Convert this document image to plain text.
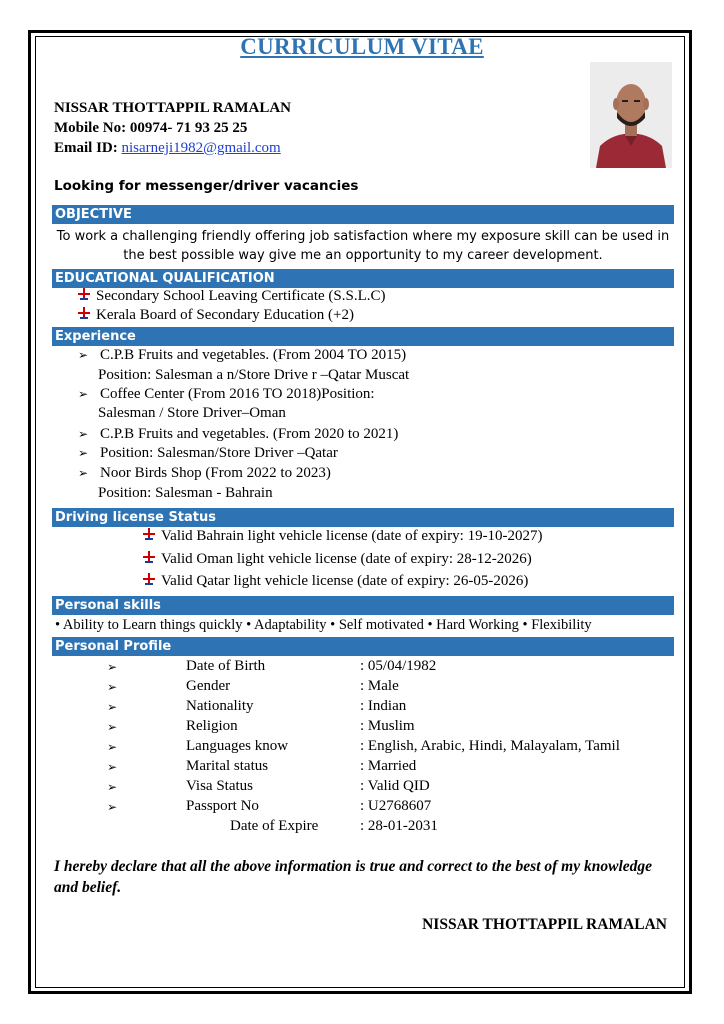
CURRICULUM VITAE
NISSAR THOTTAPPIL RAMALAN
Mobile No: 00974- 71 93 25 25
Email ID: nisarneji1982@gmail.com
Looking for messenger/driver vacancies
OBJECTIVE
To work a challenging friendly offering job satisfaction where my exposure skill can be used in the best possible way give me an opportunity to my career development.
EDUCATIONAL QUALIFICATION
Secondary School Leaving Certificate (S.S.L.C)
Kerala Board of Secondary Education (+2)
Experience
➢ C.P.B Fruits and vegetables. (From 2004 TO 2015)
Position: Salesman a n/Store Drive r –Qatar Muscat
➢ Coffee Center (From 2016 TO 2018)Position:
Salesman / Store Driver–Oman
➢ C.P.B Fruits and vegetables. (From 2020 to 2021)
➢ Position: Salesman/Store Driver –Qatar
➢ Noor Birds Shop (From 2022 to 2023)
Position: Salesman - Bahrain
Driving license Status
Valid Bahrain light vehicle license (date of expiry: 19-10-2027)
Valid Oman light vehicle license (date of expiry: 28-12-2026)
Valid Qatar light vehicle license (date of expiry: 26-05-2026)
Personal skills
• Ability to Learn things quickly • Adaptability • Self motivated • Hard Working • Flexibility
Personal Profile
➢	Date of Birth	: 05/04/1982
➢	Gender	: Male
➢	Nationality	: Indian
➢	Religion	: Muslim
➢	Languages know	: English, Arabic, Hindi, Malayalam, Tamil
➢	Marital status	: Married
➢	Visa Status	: Valid QID
➢	Passport No	: U2768607
Date of Expire	: 28-01-2031
I hereby declare that all the above information is true and correct to the best of my knowledge and belief.
NISSAR THOTTAPPIL RAMALAN
